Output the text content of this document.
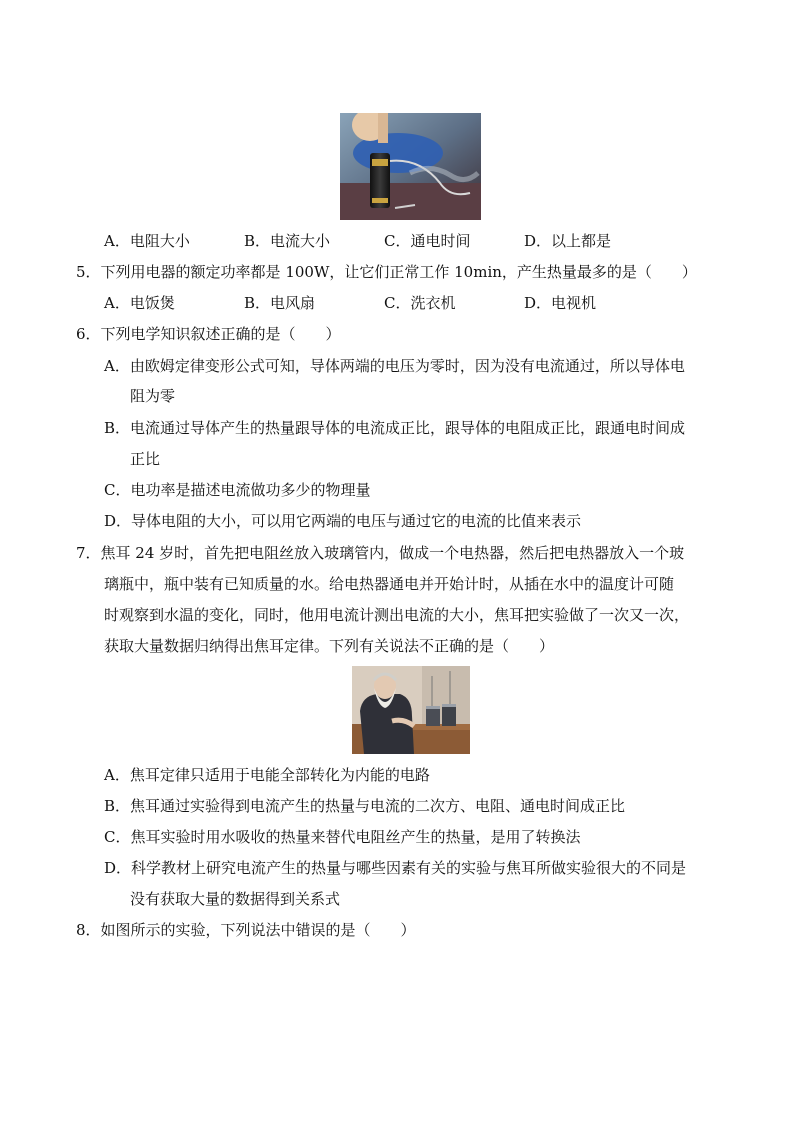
A．电阻大小	B．电流大小	C．通电时间	D．以上都是
5．下列用电器的额定功率都是 100W，让它们正常工作 10min，产生热量最多的是（　　）
A．电饭煲	B．电风扇	C．洗衣机	D．电视机
6．下列电学知识叙述正确的是（　　）
A．由欧姆定律变形公式可知，导体两端的电压为零时，因为没有电流通过，所以导体电
阻为零
B．电流通过导体产生的热量跟导体的电流成正比，跟导体的电阻成正比，跟通电时间成
正比
C．电功率是描述电流做功多少的物理量
D．导体电阻的大小，可以用它两端的电压与通过它的电流的比值来表示
7．焦耳 24 岁时，首先把电阻丝放入玻璃管内，做成一个电热器，然后把电热器放入一个玻
璃瓶中，瓶中装有已知质量的水。给电热器通电并开始计时，从插在水中的温度计可随
时观察到水温的变化，同时，他用电流计测出电流的大小，焦耳把实验做了一次又一次，
获取大量数据归纳得出焦耳定律。下列有关说法不正确的是（　　）
A．焦耳定律只适用于电能全部转化为内能的电路
B．焦耳通过实验得到电流产生的热量与电流的二次方、电阻、通电时间成正比
C．焦耳实验时用水吸收的热量来替代电阻丝产生的热量，是用了转换法
D．科学教材上研究电流产生的热量与哪些因素有关的实验与焦耳所做实验很大的不同是
没有获取大量的数据得到关系式
8．如图所示的实验，下列说法中错误的是（　　）
